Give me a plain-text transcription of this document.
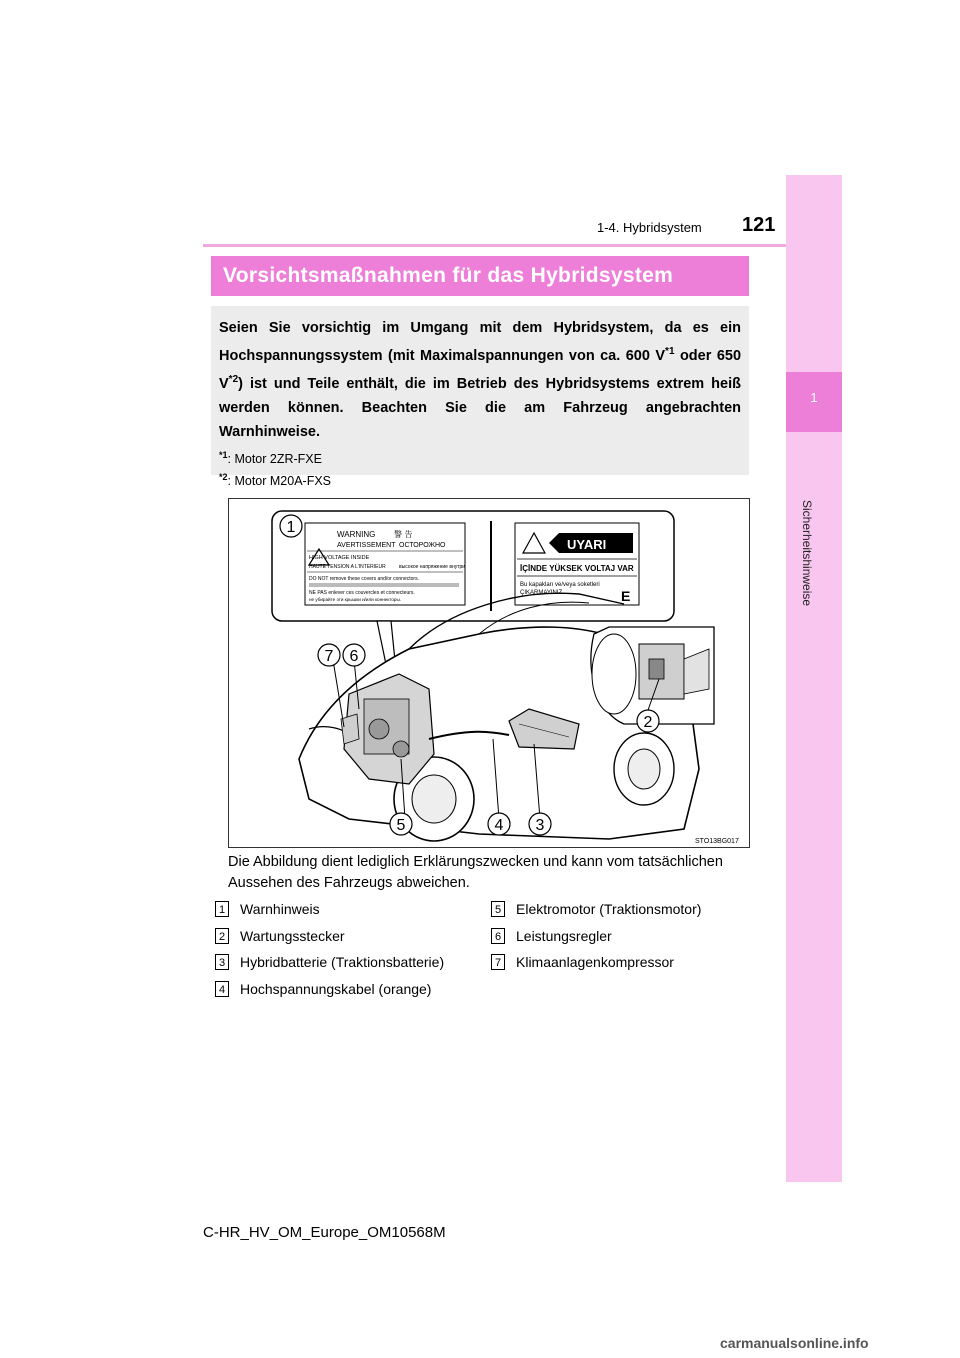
1
Sicherheitshinweise
1-4. Hybridsystem 121
Vorsichtsmaßnahmen für das Hybridsystem

Seien Sie vorsichtig im Umgang mit dem Hybridsystem, da es ein Hochspannungssystem (mit Maximalspannungen von ca. 600 $V^{*1}$ oder 650 $V^{*2}$) ist und Teile enthält, die im Betrieb des Hybridsystems extrem heiß werden können. Beachten Sie die am Fahrzeug angebrachten Warnhinweise.

$^{*1}$: Motor 2ZR-FXE
$^{*2}$: Motor M20A-FXS
WARNING 警 告
AVERTISSEMENT ОСТОРОЖНО
HIGH VOLTAGE INSIDE
HAUTE TENSION A L'INTERIEUR	высокое напряжение внутри
DO NOT remove these covers and/or connectors.
NE PAS enlever ces couvercles et connecteurs.
не убирайте эти крышки и/или коннекторы.
UYARI
İÇİNDE YÜKSEK VOLTAJ VAR
Bu kapakları ve/veya soketleri
ÇIKARMAYINIZ.	E
1
2
3
4
5
6
7
STO13BG017
Die Abbildung dient lediglich Erklärungszwecken und kann vom tatsächlichen Aussehen des Fahrzeugs abweichen.
1 Warnhinweis
2 Wartungsstecker
3 Hybridbatterie (Traktionsbatterie)
4 Hochspannungskabel (orange)
5 Elektromotor (Traktionsmotor)
6 Leistungsregler
7 Klimaanlagenkompressor
C-HR_HV_OM_Europe_OM10568M
carmanualsonline.info
